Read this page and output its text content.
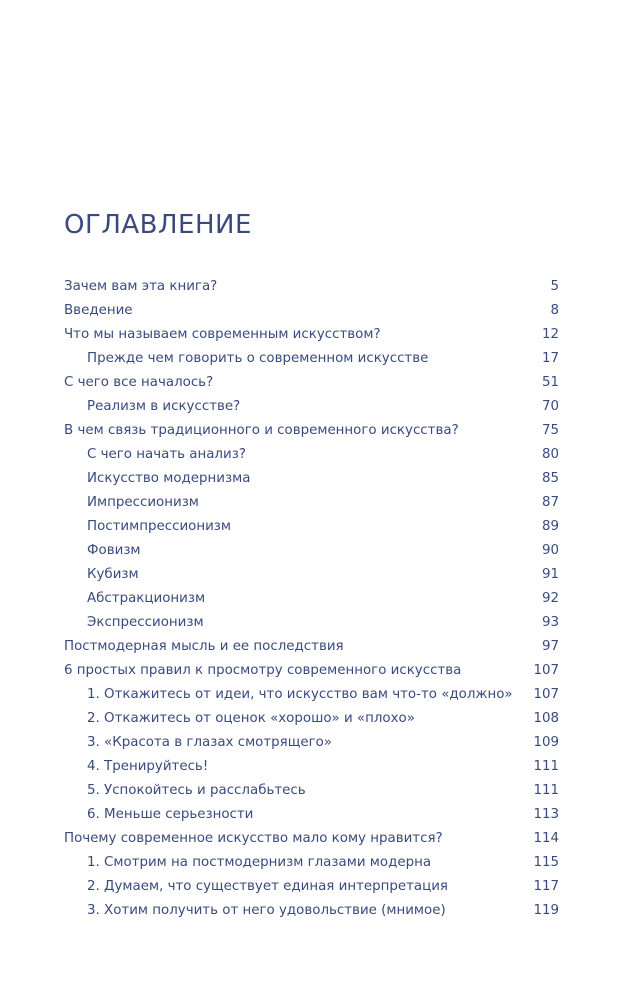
ОГЛАВЛЕНИЕ
Зачем вам эта книга?	5
Введение	8
Что мы называем современным искусством?	12
Прежде чем говорить о современном искусстве	17
С чего все началось?	51
Реализм в искусстве?	70
В чем связь традиционного и современного искусства?	75
С чего начать анализ?	80
Искусство модернизма	85
Импрессионизм	87
Постимпрессионизм	89
Фовизм	90
Кубизм	91
Абстракционизм	92
Экспрессионизм	93
Постмодерная мысль и ее последствия	97
6 простых правил к просмотру современного искусства	107
1. Откажитесь от идеи, что искусство вам что-то «должно»	107
2. Откажитесь от оценок «хорошо» и «плохо»	108
3. «Красота в глазах смотрящего»	109
4. Тренируйтесь!	111
5. Успокойтесь и расслабьтесь	111
6. Меньше серьезности	113
Почему современное искусство мало кому нравится?	114
1. Смотрим на постмодернизм глазами модерна	115
2. Думаем, что существует единая интерпретация	117
3. Хотим получить от него удовольствие (мнимое)	119
